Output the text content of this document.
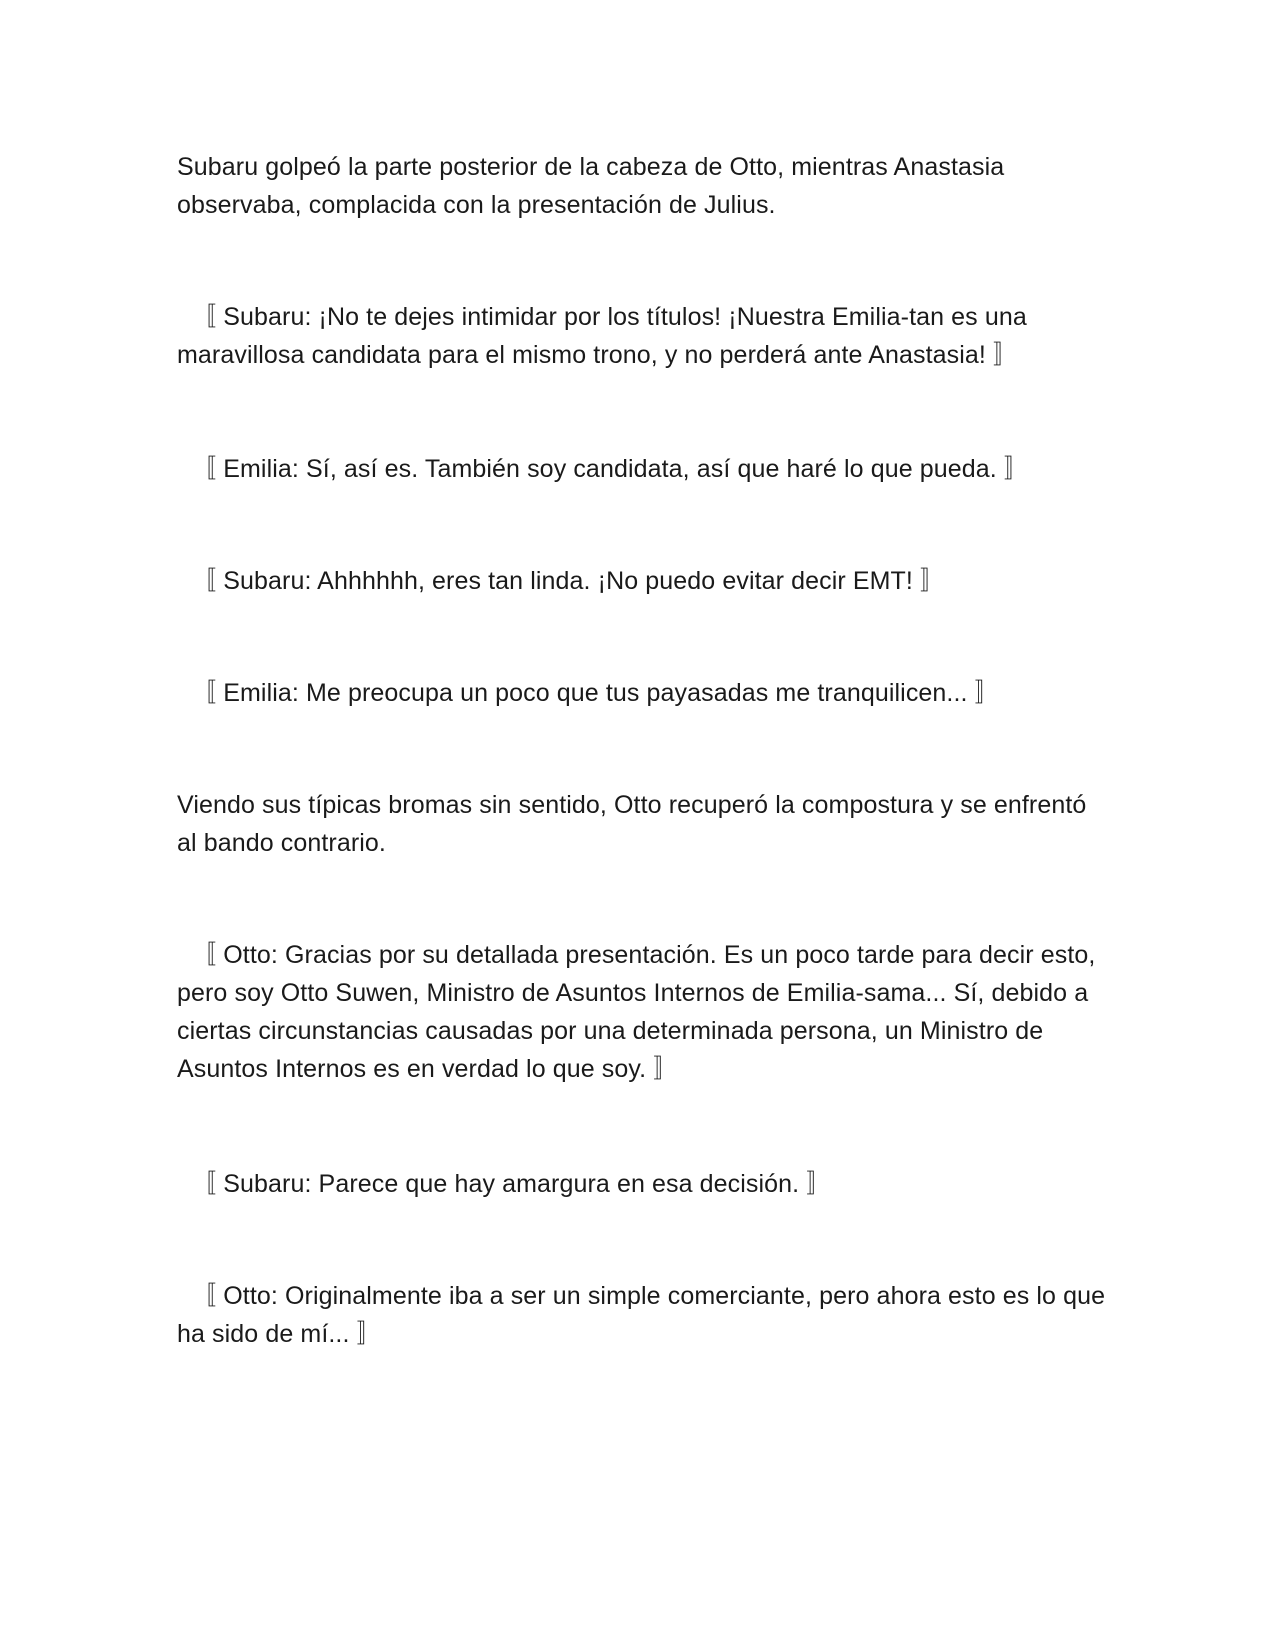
Subaru golpeó la parte posterior de la cabeza de Otto, mientras Anastasia observaba, complacida con la presentación de Julius.

〚 Subaru: ¡No te dejes intimidar por los títulos! ¡Nuestra Emilia-tan es una maravillosa candidata para el mismo trono, y no perderá ante Anastasia! 〛

〚 Emilia: Sí, así es. También soy candidata, así que haré lo que pueda. 〛

〚 Subaru: Ahhhhhh, eres tan linda. ¡No puedo evitar decir EMT! 〛

〚 Emilia: Me preocupa un poco que tus payasadas me tranquilicen... 〛

Viendo sus típicas bromas sin sentido, Otto recuperó la compostura y se enfrentó al bando contrario.

〚 Otto: Gracias por su detallada presentación. Es un poco tarde para decir esto, pero soy Otto Suwen, Ministro de Asuntos Internos de Emilia-sama... Sí, debido a ciertas circunstancias causadas por una determinada persona, un Ministro de Asuntos Internos es en verdad lo que soy. 〛

〚 Subaru: Parece que hay amargura en esa decisión. 〛

〚 Otto: Originalmente iba a ser un simple comerciante, pero ahora esto es lo que ha sido de mí... 〛
